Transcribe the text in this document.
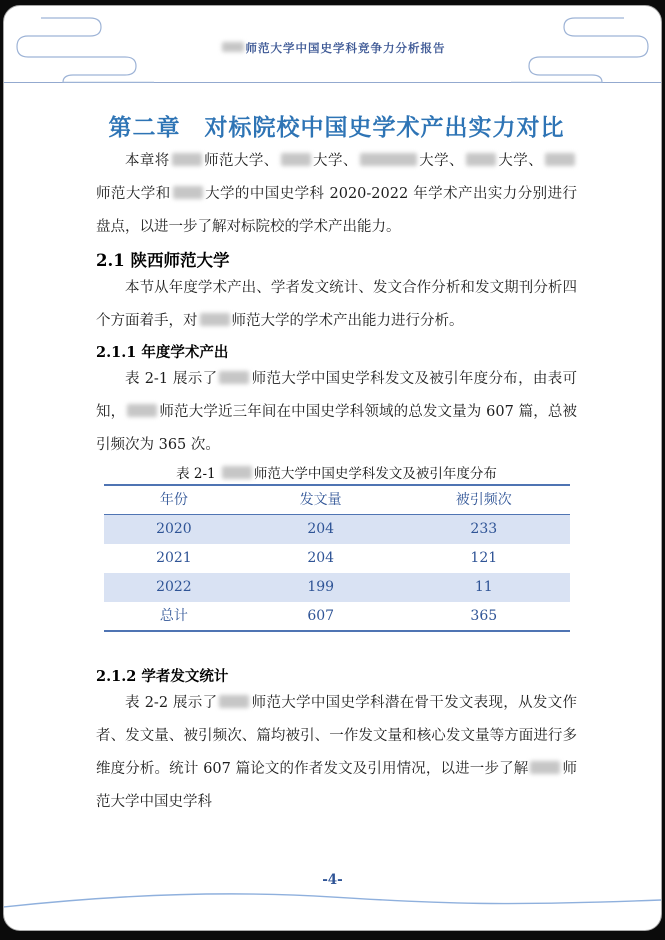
师范大学中国史学科竞争力分析报告
第二章　对标院校中国史学术产出实力对比

本章将 师范大学、 大学、	大学、 大学、师范大学和 大学的中国史学科 2020-2022 年学术产出实力分别进行盘点，以进一步了解对标院校的学术产出能力。

2.1 陕西师范大学

本节从年度学术产出、学者发文统计、发文合作分析和发文期刊分析四个方面着手，对 师范大学的学术产出能力进行分析。

2.1.1 年度学术产出

表 2-1 展示了 师范大学中国史学科发文及被引年度分布，由表可知， 师范大学近三年间在中国史学科领域的总发文量为 607 篇，总被引频次为 365 次。

表 2-1	师范大学中国史学科发文及被引年度分布

年份	发文量	被引频次
2020	204	233
2021	204	121
2022	199	11
总计	607	365
2.1.2 学者发文统计

表 2-2 展示了 师范大学中国史学科潜在骨干发文表现，从发文作者、发文量、被引频次、篇均被引、一作发文量和核心发文量等方面进行多维度分析。统计 607 篇论文的作者发文及引用情况，以进一步了解 师范大学中国史学科

-4-
